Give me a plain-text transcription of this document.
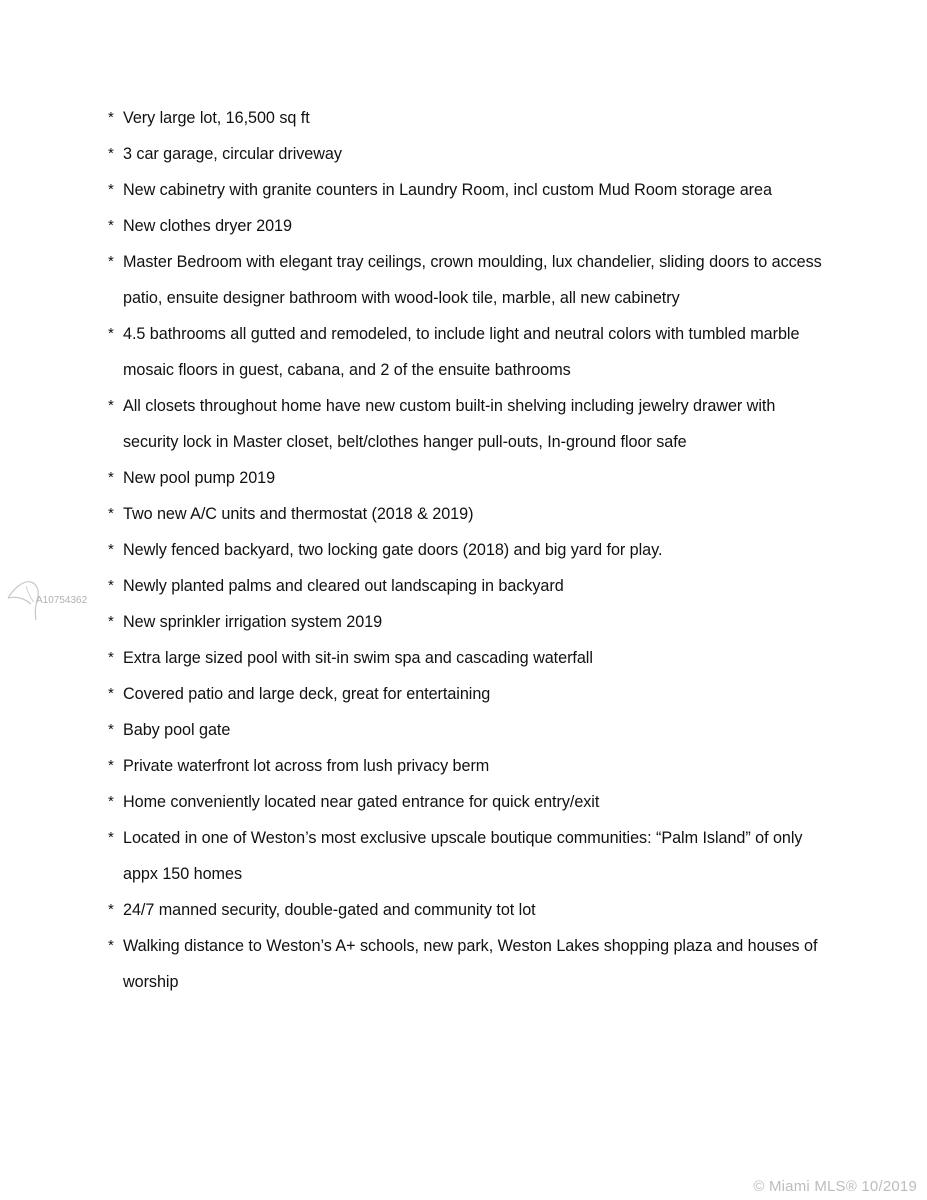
* Very large lot, 16,500 sq ft
* 3 car garage, circular driveway
* New cabinetry with granite counters in Laundry Room, incl custom Mud Room storage area
* New clothes dryer 2019
* Master Bedroom with elegant tray ceilings, crown moulding, lux chandelier, sliding doors to access patio, ensuite designer bathroom with wood-look tile, marble, all new cabinetry
* 4.5 bathrooms all gutted and remodeled, to include light and neutral colors with tumbled marble mosaic floors in guest, cabana, and 2 of the ensuite bathrooms
* All closets throughout home have new custom built-in shelving including jewelry drawer with security lock in Master closet, belt/clothes hanger pull-outs, In-ground floor safe
* New pool pump 2019
* Two new A/C units and thermostat (2018 & 2019)
* Newly fenced backyard, two locking gate doors (2018) and big yard for play.
* Newly planted palms and cleared out landscaping in backyard
* New sprinkler irrigation system 2019
* Extra large sized pool with sit-in swim spa and cascading waterfall
* Covered patio and large deck, great for entertaining
* Baby pool gate
* Private waterfront lot across from lush privacy berm
* Home conveniently located near gated entrance for quick entry/exit
* Located in one of Weston’s most exclusive upscale boutique communities: “Palm Island” of only appx 150 homes
* 24/7 manned security, double-gated and community tot lot
* Walking distance to Weston’s A+ schools, new park, Weston Lakes shopping plaza and houses of worship
A10754362
© Miami MLS® 10/2019
